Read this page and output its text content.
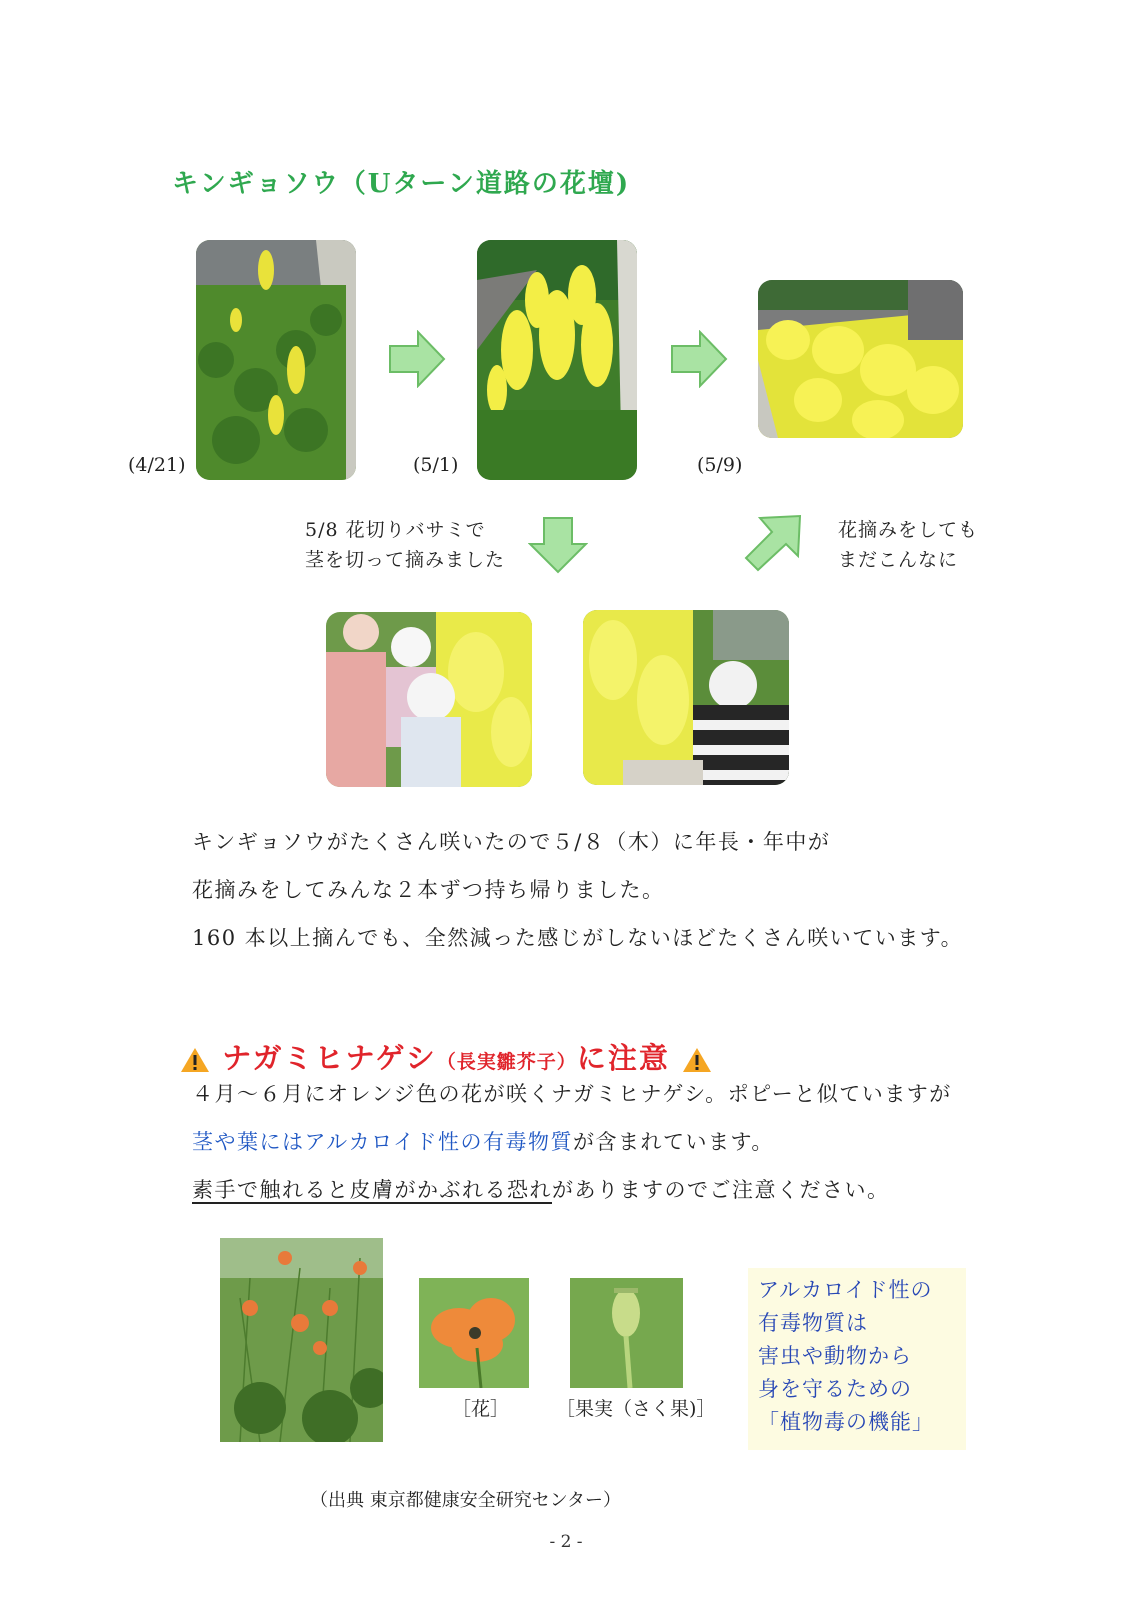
キンギョソウ（Uターン道路の花壇)
(4/21)	(5/1)	(5/9)
5/8 花切りバサミで
茎を切って摘みました
花摘みをしても
まだこんなに
キンギョソウがたくさん咲いたので５/８（木）に年長・年中が
花摘みをしてみんな２本ずつ持ち帰りました。
160 本以上摘んでも、全然減った感じがしないほどたくさん咲いています。
ナガミヒナゲシ（長実雛芥子）に注意
４月〜６月にオレンジ色の花が咲くナガミヒナゲシ。ポピーと似ていますが
茎や葉にはアルカロイド性の有毒物質が含まれています。
素手で触れると皮膚がかぶれる恐れがありますのでご注意ください。
［花］ ［果実（さく果)］
アルカロイド性の
有毒物質は
害虫や動物から
身を守るための
「植物毒の機能」
（出典 東京都健康安全研究センター）
- 2 -
